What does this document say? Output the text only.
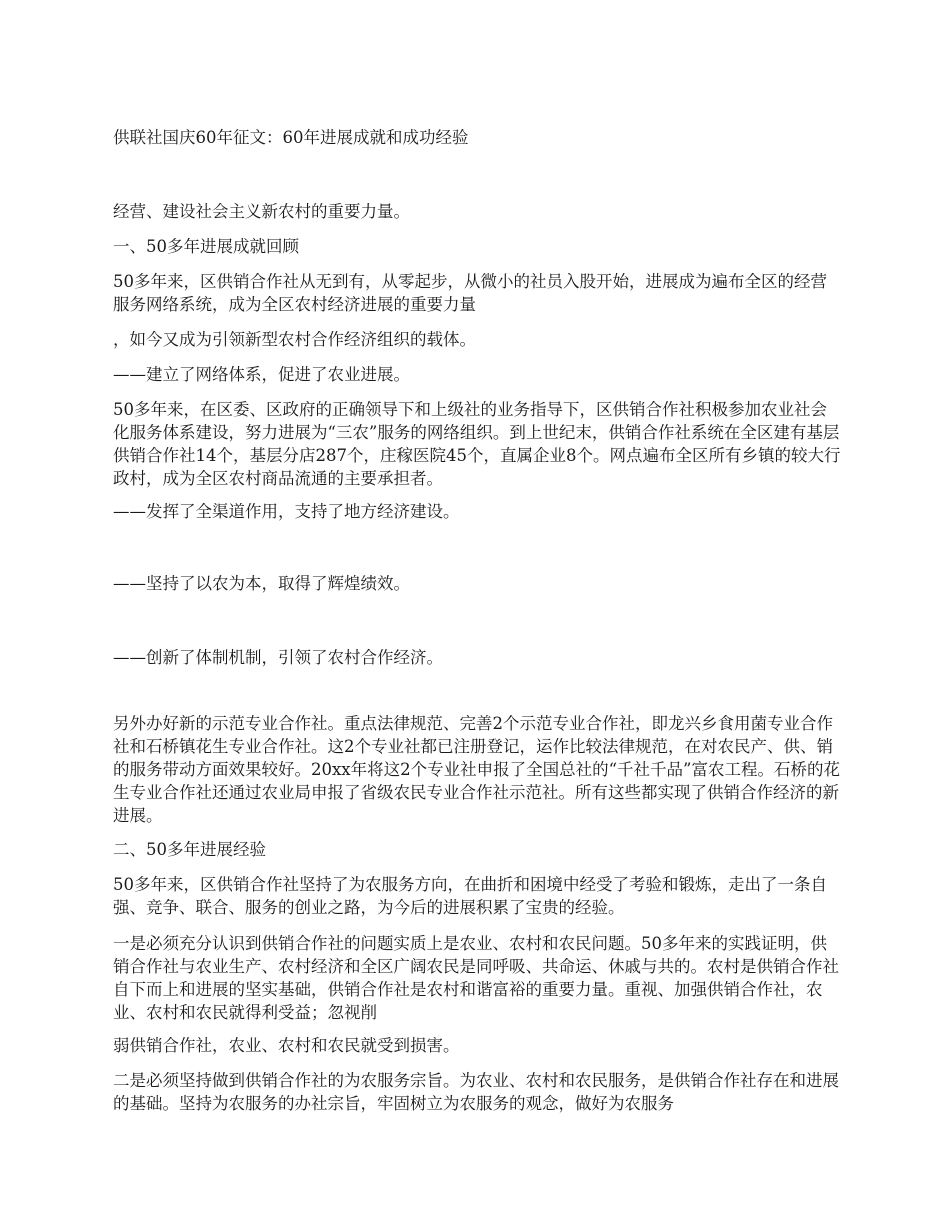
供联社国庆60年征文：60年进展成就和成功经验

经营、建设社会主义新农村的重要力量。

一、50多年进展成就回顾

50多年来，区供销合作社从无到有，从零起步，从微小的社员入股开始，进展成为遍布全区的经营服务网络系统，成为全区农村经济进展的重要力量

，如今又成为引领新型农村合作经济组织的载体。

——建立了网络体系，促进了农业进展。

50多年来，在区委、区政府的正确领导下和上级社的业务指导下，区供销合作社积极参加农业社会化服务体系建设，努力进展为“三农”服务的网络组织。到上世纪末，供销合作社系统在全区建有基层供销合作社14个，基层分店287个，庄稼医院45个，直属企业8个。网点遍布全区所有乡镇的较大行政村，成为全区农村商品流通的主要承担者。

——发挥了全渠道作用，支持了地方经济建设。

——坚持了以农为本，取得了辉煌绩效。

——创新了体制机制，引领了农村合作经济。

另外办好新的示范专业合作社。重点法律规范、完善2个示范专业合作社，即龙兴乡食用菌专业合作社和石桥镇花生专业合作社。这2个专业社都已注册登记，运作比较法律规范，在对农民产、供、销的服务带动方面效果较好。20xx年将这2个专业社申报了全国总社的“千社千品”富农工程。石桥的花生专业合作社还通过农业局申报了省级农民专业合作社示范社。所有这些都实现了供销合作经济的新进展。

二、50多年进展经验

50多年来，区供销合作社坚持了为农服务方向，在曲折和困境中经受了考验和锻炼，走出了一条自强、竞争、联合、服务的创业之路，为今后的进展积累了宝贵的经验。

一是必须充分认识到供销合作社的问题实质上是农业、农村和农民问题。50多年来的实践证明，供销合作社与农业生产、农村经济和全区广阔农民是同呼吸、共命运、休戚与共的。农村是供销合作社自下而上和进展的坚实基础，供销合作社是农村和谐富裕的重要力量。重视、加强供销合作社，农业、农村和农民就得利受益；忽视削

弱供销合作社，农业、农村和农民就受到损害。

二是必须坚持做到供销合作社的为农服务宗旨。为农业、农村和农民服务，是供销合作社存在和进展的基础。坚持为农服务的办社宗旨，牢固树立为农服务的观念，做好为农服务
